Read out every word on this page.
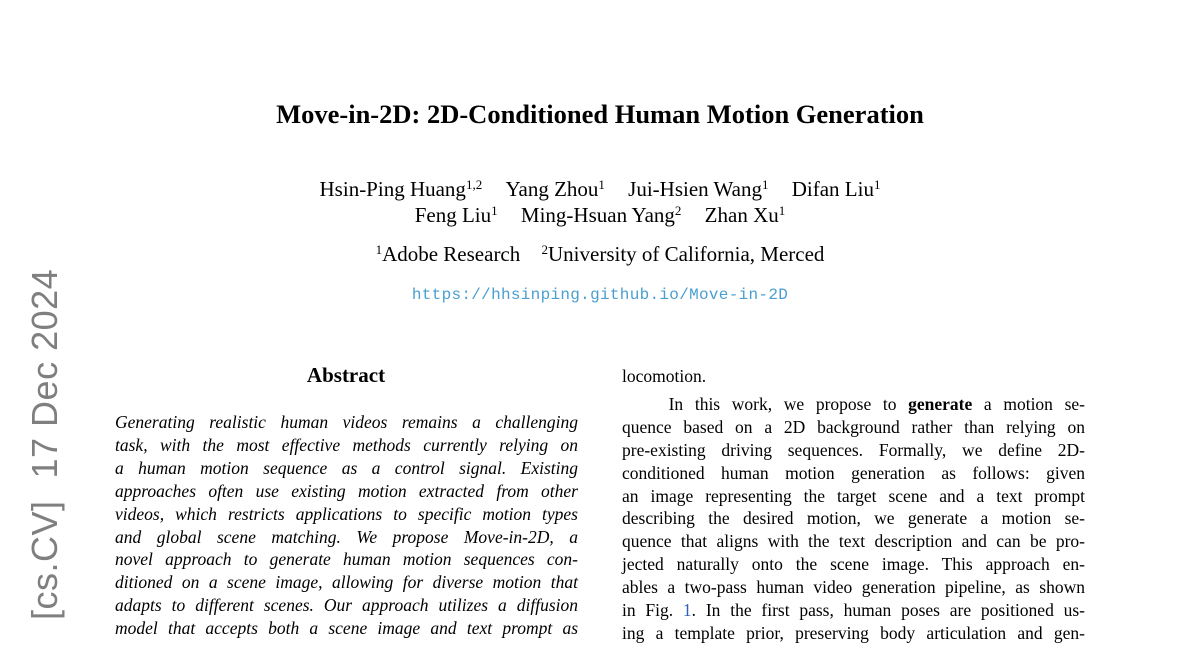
[cs.CV]17 Dec 2024
Move-in-2D: 2D-Conditioned Human Motion Generation
Hsin-Ping Huang$^{1,2}$ Yang Zhou$^1$ Jui-Hsien Wang$^1$ Difan Liu$^1$
Feng Liu$^1$ Ming-Hsuan Yang$^2$ Zhan Xu$^1$
$^1$Adobe Research $^2$University of California, Merced
https://hhsinping.github.io/Move-in-2D
Abstract
Generating realistic human videos remains a challenging
task, with the most effective methods currently relying on
a human motion sequence as a control signal. Existing
approaches often use existing motion extracted from other
videos, which restricts applications to specific motion types
and global scene matching. We propose Move-in-2D, a
novel approach to generate human motion sequences con-
ditioned on a scene image, allowing for diverse motion that
adapts to different scenes. Our approach utilizes a diffusion
model that accepts both a scene image and text prompt as
locomotion.
In this work, we propose to generate a motion se-
quence based on a 2D background rather than relying on
pre-existing driving sequences. Formally, we define 2D-
conditioned human motion generation as follows: given
an image representing the target scene and a text prompt
describing the desired motion, we generate a motion se-
quence that aligns with the text description and can be pro-
jected naturally onto the scene image. This approach en-
ables a two-pass human video generation pipeline, as shown
in Fig. 1. In the first pass, human poses are positioned us-
ing a template prior, preserving body articulation and gen-
